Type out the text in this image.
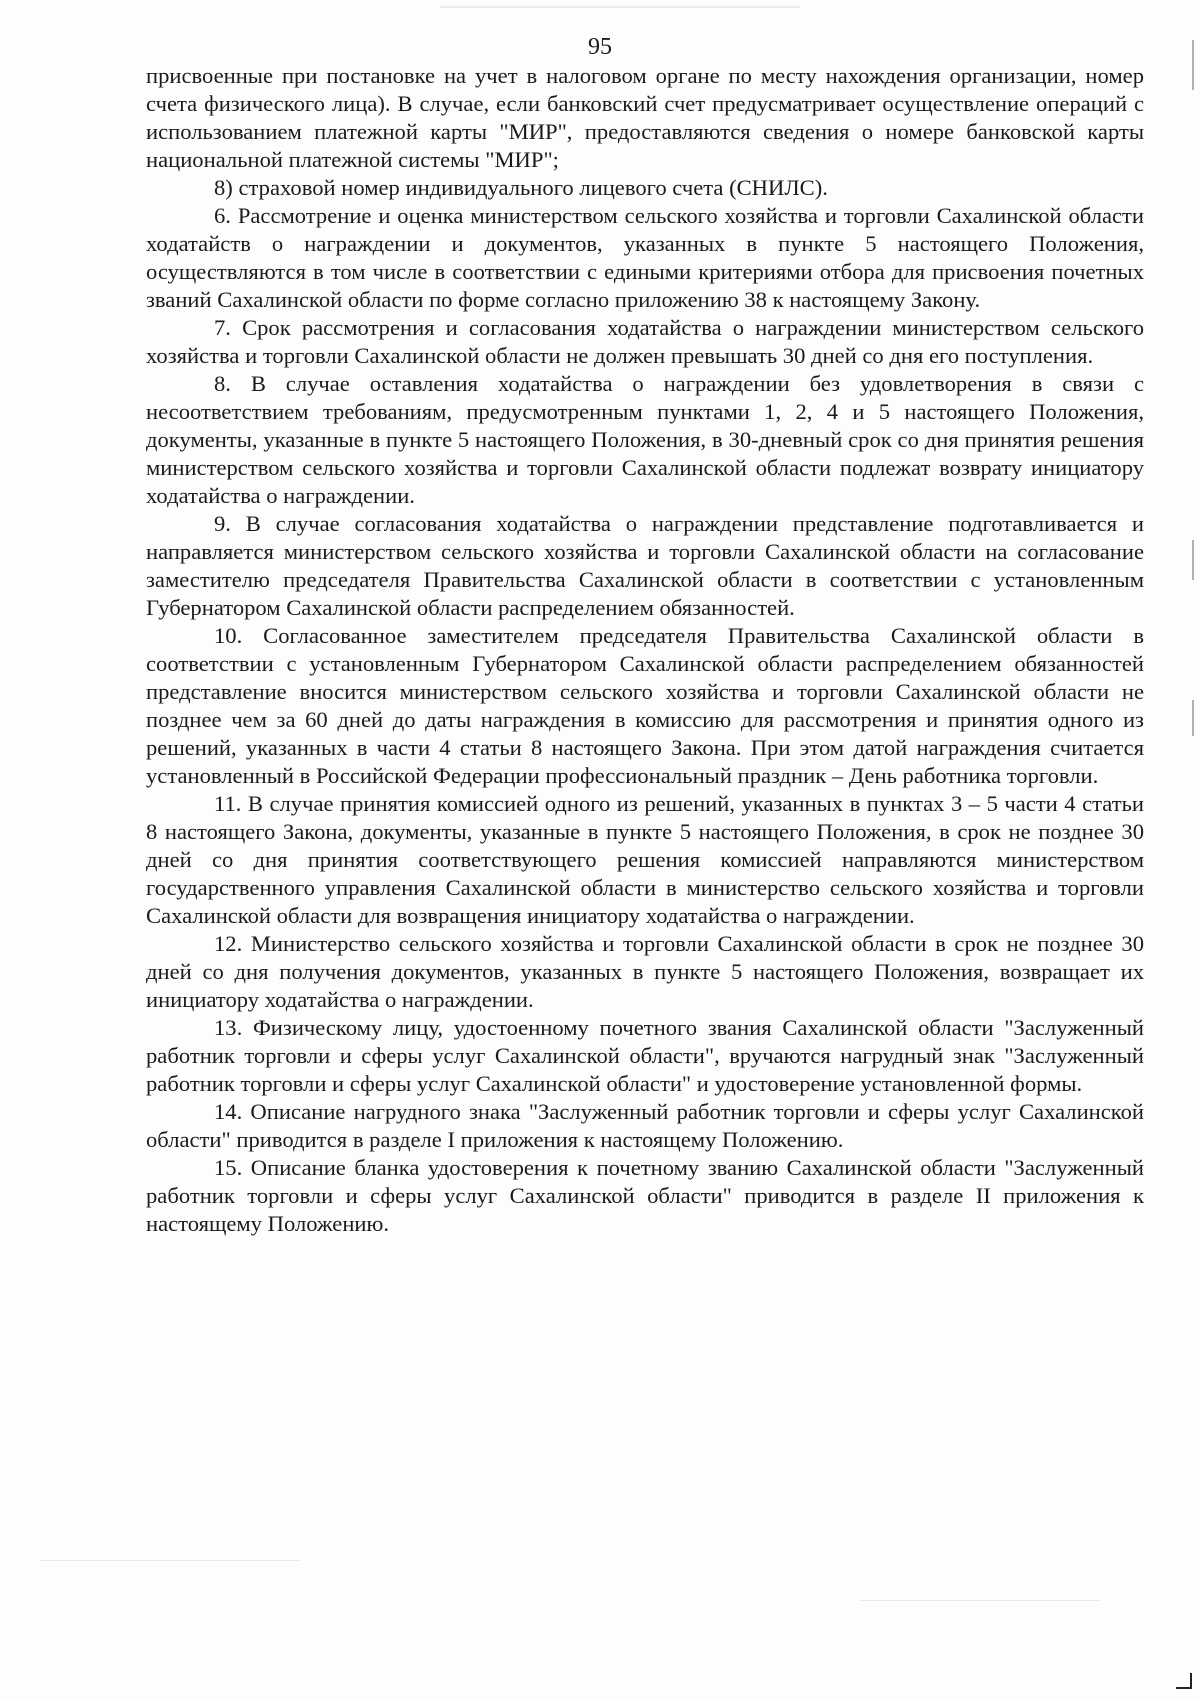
95

присвоенные при постановке на учет в налоговом органе по месту нахождения организации, номер счета физического лица). В случае, если банковский счет предусматривает осуществление операций с использованием платежной карты "МИР", предоставляются сведения о номере банковской карты национальной платежной системы "МИР";

8) страховой номер индивидуального лицевого счета (СНИЛС).

6. Рассмотрение и оценка министерством сельского хозяйства и торговли Сахалинской области ходатайств о награждении и документов, указанных в пункте 5 настоящего Положения, осуществляются в том числе в соответствии с едиными критериями отбора для присвоения почетных званий Сахалинской области по форме согласно приложению 38 к настоящему Закону.

7. Срок рассмотрения и согласования ходатайства о награждении министерством сельского хозяйства и торговли Сахалинской области не должен превышать 30 дней со дня его поступления.

8. В случае оставления ходатайства о награждении без удовлетворения в связи с несоответствием требованиям, предусмотренным пунктами 1, 2, 4 и 5 настоящего Положения, документы, указанные в пункте 5 настоящего Положения, в 30-дневный срок со дня принятия решения министерством сельского хозяйства и торговли Сахалинской области подлежат возврату инициатору ходатайства о награждении.

9. В случае согласования ходатайства о награждении представление подготавливается и направляется министерством сельского хозяйства и торговли Сахалинской области на согласование заместителю председателя Правительства Сахалинской области в соответствии с установленным Губернатором Сахалинской области распределением обязанностей.

10. Согласованное заместителем председателя Правительства Сахалинской области в соответствии с установленным Губернатором Сахалинской области распределением обязанностей представление вносится министерством сельского хозяйства и торговли Сахалинской области не позднее чем за 60 дней до даты награждения в комиссию для рассмотрения и принятия одного из решений, указанных в части 4 статьи 8 настоящего Закона. При этом датой награждения считается установленный в Российской Федерации профессиональный праздник – День работника торговли.

11. В случае принятия комиссией одного из решений, указанных в пунктах 3 – 5 части 4 статьи 8 настоящего Закона, документы, указанные в пункте 5 настоящего Положения, в срок не позднее 30 дней со дня принятия соответствующего решения комиссией направляются министерством государственного управления Сахалинской области в министерство сельского хозяйства и торговли Сахалинской области для возвращения инициатору ходатайства о награждении.

12. Министерство сельского хозяйства и торговли Сахалинской области в срок не позднее 30 дней со дня получения документов, указанных в пункте 5 настоящего Положения, возвращает их инициатору ходатайства о награждении.

13. Физическому лицу, удостоенному почетного звания Сахалинской области "Заслуженный работник торговли и сферы услуг Сахалинской области", вручаются нагрудный знак "Заслуженный работник торговли и сферы услуг Сахалинской области" и удостоверение установленной формы.

14. Описание нагрудного знака "Заслуженный работник торговли и сферы услуг Сахалинской области" приводится в разделе I приложения к настоящему Положению.

15. Описание бланка удостоверения к почетному званию Сахалинской области "Заслуженный работник торговли и сферы услуг Сахалинской области" приводится в разделе II приложения к настоящему Положению.
